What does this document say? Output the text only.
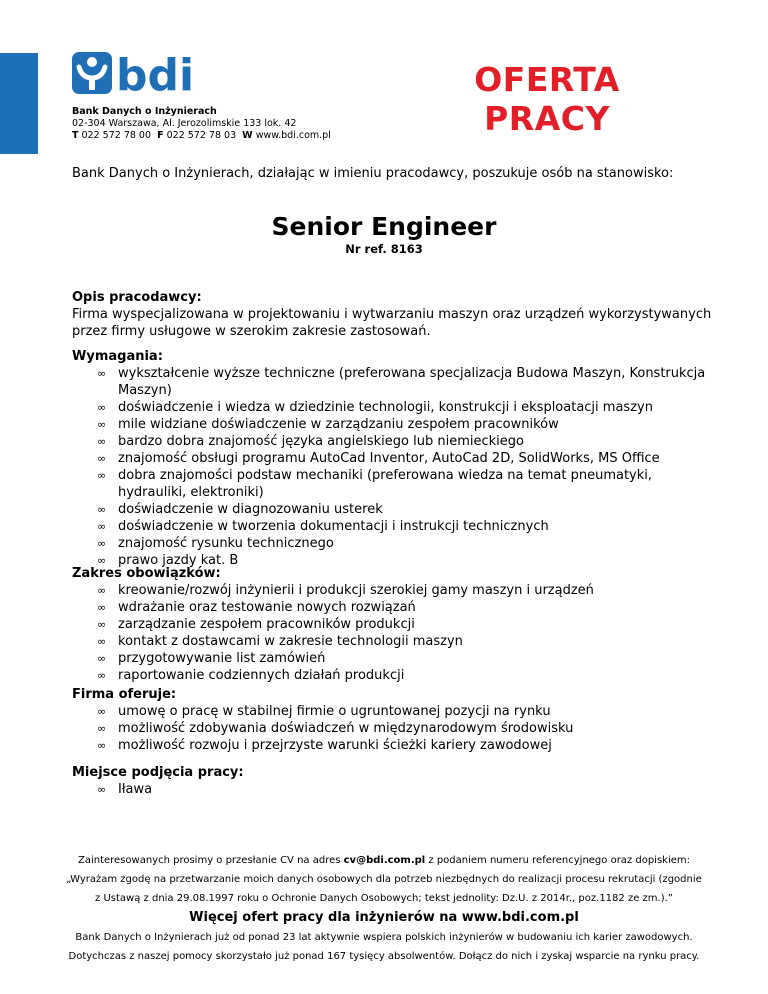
bdi
Bank Danych o Inżynierach
02-304 Warszawa, Al. Jerozolimskie 133 lok. 42
T 022 572 78 00 F 022 572 78 03 W www.bdi.com.pl
OFERTA
PRACY
Bank Danych o Inżynierach, działając w imieniu pracodawcy, poszukuje osób na stanowisko:
Senior Engineer
Nr ref. 8163
Opis pracodawcy:

Firma wyspecjalizowana w projektowaniu i wytwarzaniu maszyn oraz urządzeń wykorzystywanych przez firmy usługowe w szerokim zakresie zastosowań.

Wymagania:
∞ wykształcenie wyższe techniczne (preferowana specjalizacja Budowa Maszyn, Konstrukcja Maszyn)
∞ doświadczenie i wiedza w dziedzinie technologii, konstrukcji i eksploatacji maszyn
∞ mile widziane doświadczenie w zarządzaniu zespołem pracowników
∞ bardzo dobra znajomość języka angielskiego lub niemieckiego
∞ znajomość obsługi programu AutoCad Inventor, AutoCad 2D, SolidWorks, MS Office
∞ dobra znajomości podstaw mechaniki (preferowana wiedza na temat pneumatyki, hydrauliki, elektroniki)
∞ doświadczenie w diagnozowaniu usterek
∞ doświadczenie w tworzenia dokumentacji i instrukcji technicznych
∞ znajomość rysunku technicznego
∞ prawo jazdy kat. B
Zakres obowiązków:
∞ kreowanie/rozwój inżynierii i produkcji szerokiej gamy maszyn i urządzeń
∞ wdrażanie oraz testowanie nowych rozwiązań
∞ zarządzanie zespołem pracowników produkcji
∞ kontakt z dostawcami w zakresie technologii maszyn
∞ przygotowywanie list zamówień
∞ raportowanie codziennych działań produkcji
Firma oferuje:
∞ umowę o pracę w stabilnej firmie o ugruntowanej pozycji na rynku
∞ możliwość zdobywania doświadczeń w międzynarodowym środowisku
∞ możliwość rozwoju i przejrzyste warunki ścieżki kariery zawodowej
Miejsce podjęcia pracy:
∞ Iława
Zainteresowanych prosimy o przesłanie CV na adres cv@bdi.com.pl z podaniem numeru referencyjnego oraz dopiskiem:
„Wyrażam zgodę na przetwarzanie moich danych osobowych dla potrzeb niezbędnych do realizacji procesu rekrutacji (zgodnie
z Ustawą z dnia 29.08.1997 roku o Ochronie Danych Osobowych; tekst jednolity: Dz.U. z 2014r., poz.1182 ze zm.).”
Więcej ofert pracy dla inżynierów na www.bdi.com.pl
Bank Danych o Inżynierach już od ponad 23 lat aktywnie wspiera polskich inżynierów w budowaniu ich karier zawodowych.
Dotychczas z naszej pomocy skorzystało już ponad 167 tysięcy absolwentów. Dołącz do nich i zyskaj wsparcie na rynku pracy.
